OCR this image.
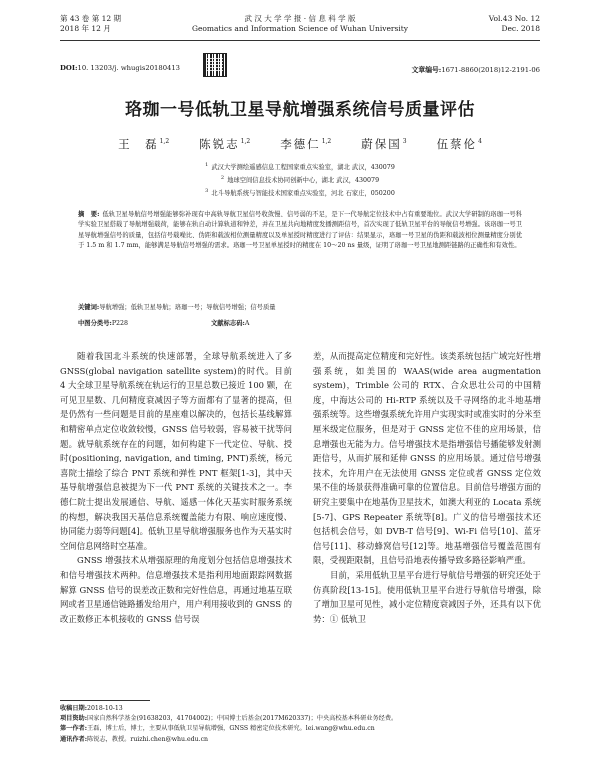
第 43 卷 第 12 期
2018 年 12 月
武 汉 大 学 学 报 · 信 息 科 学 版
Geomatics and Information Science of Wuhan University
Vol.43 No. 12
Dec. 2018
DOI:10. 13203/j. whugis20180413	文章编号:1671-8860(2018)12-2191-06
珞珈一号低轨卫星导航增强系统信号质量评估
王　磊$^{1,2}$	陈锐志$^{1,2}$	李德仁$^{1,2}$	蔚保国$^3$	伍蔡伦$^4$
$^1$ 武汉大学测绘遥感信息工程国家重点实验室，湖北 武汉，430079
$^2$ 地球空间信息技术协同创新中心，湖北 武汉，430079
$^3$ 北斗导航系统与智能技术国家重点实验室，河北 石家庄，050200
摘　要: 低轨卫星导航信号增强能够弥补现有中高轨导航卫星信号收敛慢、信号弱的不足，是下一代导航定位技术中占有重要地位。武汉大学研制的珞珈一号科学实验卫星搭载了导航增强载荷，能够在轨自动计算轨道和钟差，并在卫星共向地精度发播测距信号，首次实现了低轨卫星平台的导航信号增强。该珞珈一号卫星导航增强信号的质量，包括信号载噪比、伪距和载波相位测量精度以及单星授时精度进行了评估：结果显示，珞珈一号卫星的伪距和载波相位测量精度分别优于 1.5 m 和 1.7 mm，能够满足导航信号增强的需求。珞珈一号卫星单星授时的精度在 10～20 ns 量级，证明了珞珈一号卫星地测距链路的正确性和有效性。
关键词:导航增强；低轨卫星导航；珞珈一号；导航信号增强；信号质量
中图分类号:P228	文献标志码:A

随着我国北斗系统的快速部署，全球导航系统进入了多 GNSS(global navigation satellite system)的时代。目前 4 大全球卫星导航系统在轨运行的卫星总数已接近 100 颗，在可见卫星数、几何精度衰减因子等方面都有了显著的提高，但是仍然有一些问题是目前的星座难以解决的，包括长基线解算和精密单点定位收敛较慢，GNSS 信号较弱，容易被干扰等问题。就导航系统存在的问题，如何构建下一代定位、导航、授时(positioning, navigation, and timing, PNT)系统，杨元喜院士描绘了综合 PNT 系统和弹性 PNT 框架[1-3]，其中天基导航增强信息被提为下一代 PNT 系统的关键技术之一。李德仁院士提出发展通信、导航、遥感一体化天基实时服务系统的构想，解决我国天基信息系统覆盖能力有限、响应速度慢、协同能力弱等问题[4]。低轨卫星导航增强服务也作为天基实时空间信息网络时空基准。

GNSS 增强技术从增强原理的角度划分包括信息增强技术和信号增强技术两种。信息增强技术是指利用地面跟踪网数据解算 GNSS 信号的误差改正数和完好性信息，再通过地基互联网或者卫星通信链路播发给用户，用户利用接收到的 GNSS 的改正数修正本机接收的 GNSS 信号误

差，从而提高定位精度和完好性。该类系统包括广域完好性增强系统，如美国的 WAAS(wide area augmentation system)，Trimble 公司的 RTX、合众思壮公司的中国精度，中海达公司的 Hi-RTP 系统以及千寻网络的北斗地基增强系统等。这些增强系统允许用户实现实时或准实时的分米至厘米级定位服务，但是对于 GNSS 定位不佳的应用场景，信息增强也无能为力。信号增强技术是指增强信号播能够发射测距信号，从而扩展和延伸 GNSS 的应用场景。通过信号增强技术，允许用户在无法使用 GNSS 定位或者 GNSS 定位效果不佳的场景获得准确可靠的位置信息。目前信号增强方面的研究主要集中在地基伪卫星技术，如澳大利亚的 Locata 系统[5-7]、GPS Repeater 系统等[8]。广义的信号增强技术还包括机会信号，如 DVB-T 信号[9]、Wi-Fi 信号[10]、蓝牙信号[11]、移动蜂窝信号[12]等。地基增强信号覆盖范围有限，受视距限制，且信号沿地表传播导致多路径影响严重。

目前，采用低轨卫星平台进行导航信号增强的研究还处于仿真阶段[13-15]。使用低轨卫星平台进行导航信号增强，除了增加卫星可见性，减小定位精度衰减因子外，还具有以下优势：① 低轨卫

收稿日期:2018-10-13
项目资助:国家自然科学基金(91638203，41704002)；中国博士后基金(2017M620337)；中央高校基本科研业务经费。
第一作者:王磊，博士后，博士，主要从事低轨卫星导航增强，GNSS 精密定位技术研究。lei.wang@whu.edu.cn
通讯作者:陈锐志，教授。ruizhi.chen@whu.edu.cn
